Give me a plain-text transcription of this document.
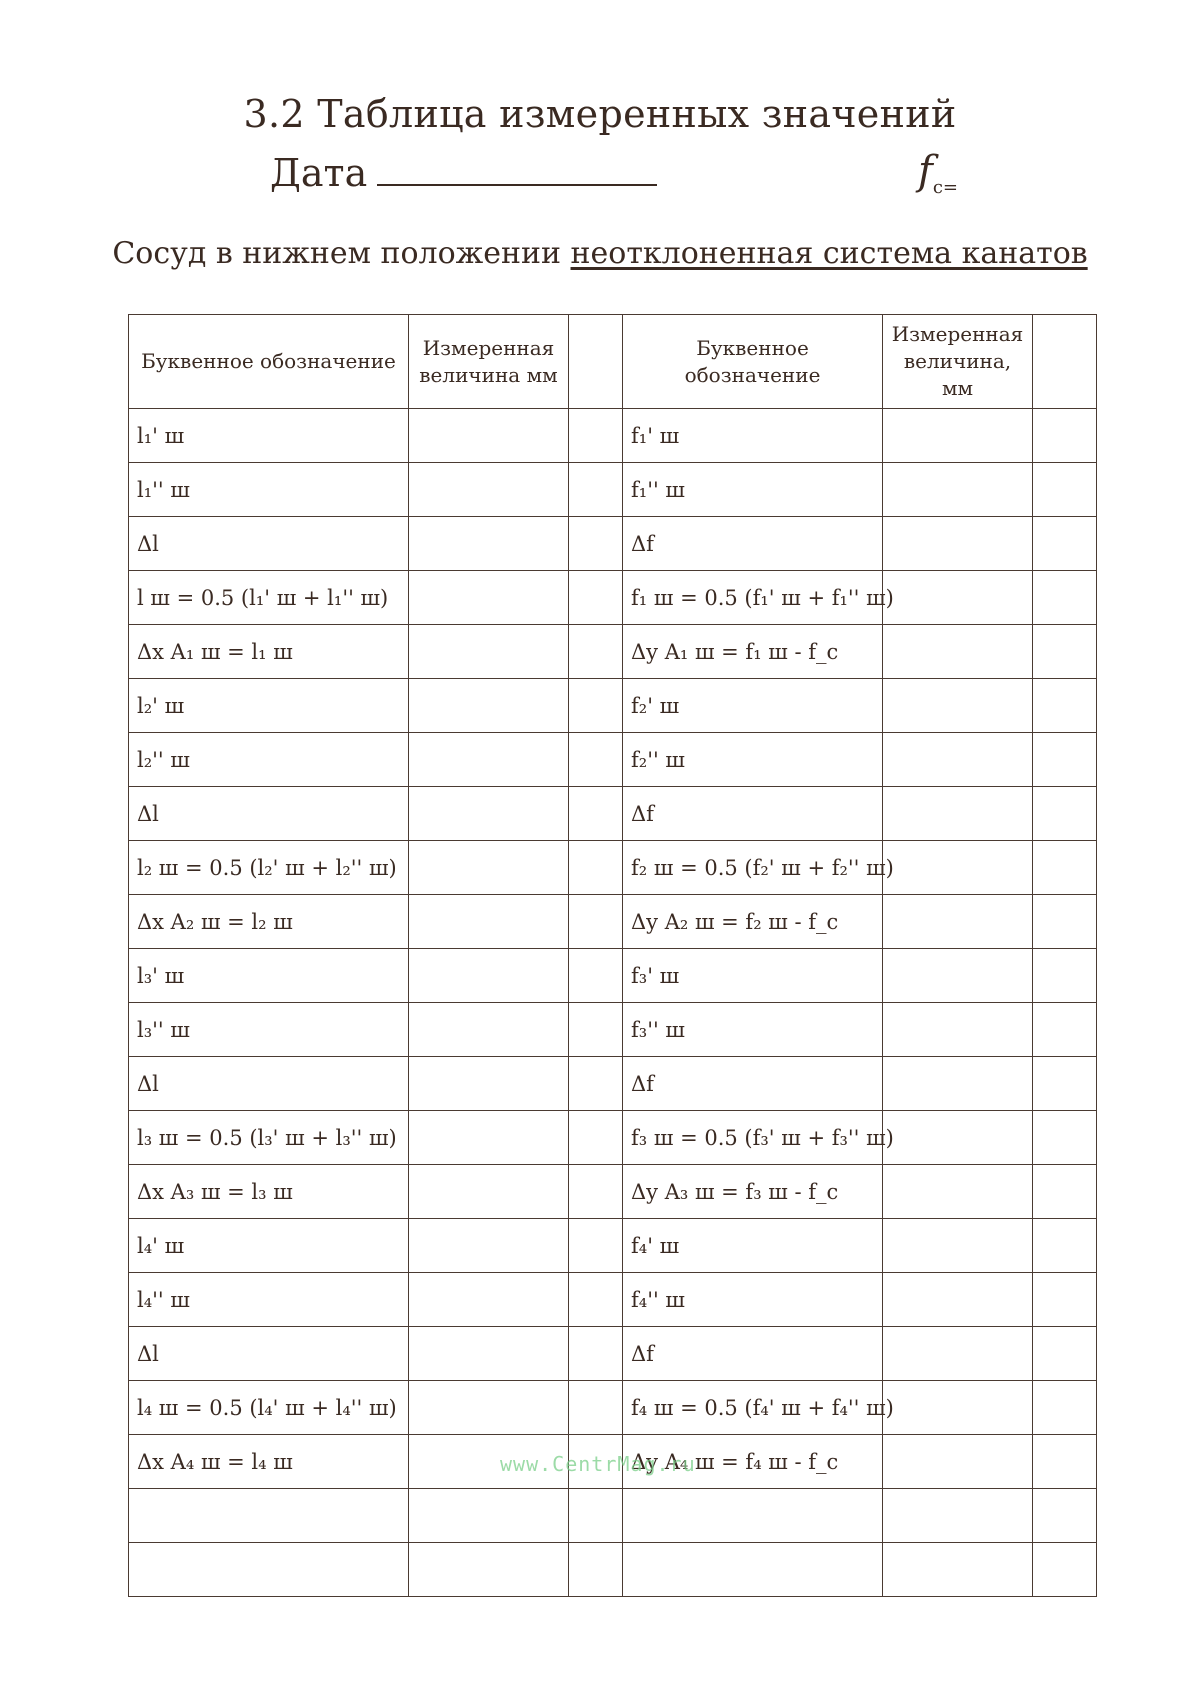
3.2 Таблица измеренных значений
Дата	$f_{c=}$
Сосуд в нижнем положении неотклоненная система канатов
Буквенное обозначение	Измеренная величина мм		Буквенное обозначение	Измеренная величина, мм	
l₁' ш			f₁' ш		
l₁'' ш			f₁'' ш		
Δl			Δf		
l ш = 0.5 (l₁' ш + l₁'' ш)			f₁ ш = 0.5 (f₁' ш + f₁'' ш)		
Δx A₁ ш = l₁ ш			Δy A₁ ш = f₁ ш - f_c		
l₂' ш			f₂' ш		
l₂'' ш			f₂'' ш		
Δl			Δf		
l₂ ш = 0.5 (l₂' ш + l₂'' ш)			f₂ ш = 0.5 (f₂' ш + f₂'' ш)		
Δx A₂ ш = l₂ ш			Δy A₂ ш = f₂ ш - f_c		
l₃' ш			f₃' ш		
l₃'' ш			f₃'' ш		
Δl			Δf		
l₃ ш = 0.5 (l₃' ш + l₃'' ш)			f₃ ш = 0.5 (f₃' ш + f₃'' ш)		
Δx A₃ ш = l₃ ш			Δy A₃ ш = f₃ ш - f_c		
l₄' ш			f₄' ш		
l₄'' ш			f₄'' ш		
Δl			Δf		
l₄ ш = 0.5 (l₄' ш + l₄'' ш)			f₄ ш = 0.5 (f₄' ш + f₄'' ш)		
Δx A₄ ш = l₄ ш			Δy A₄ ш = f₄ ш - f_c		

www.CentrMag.ru
